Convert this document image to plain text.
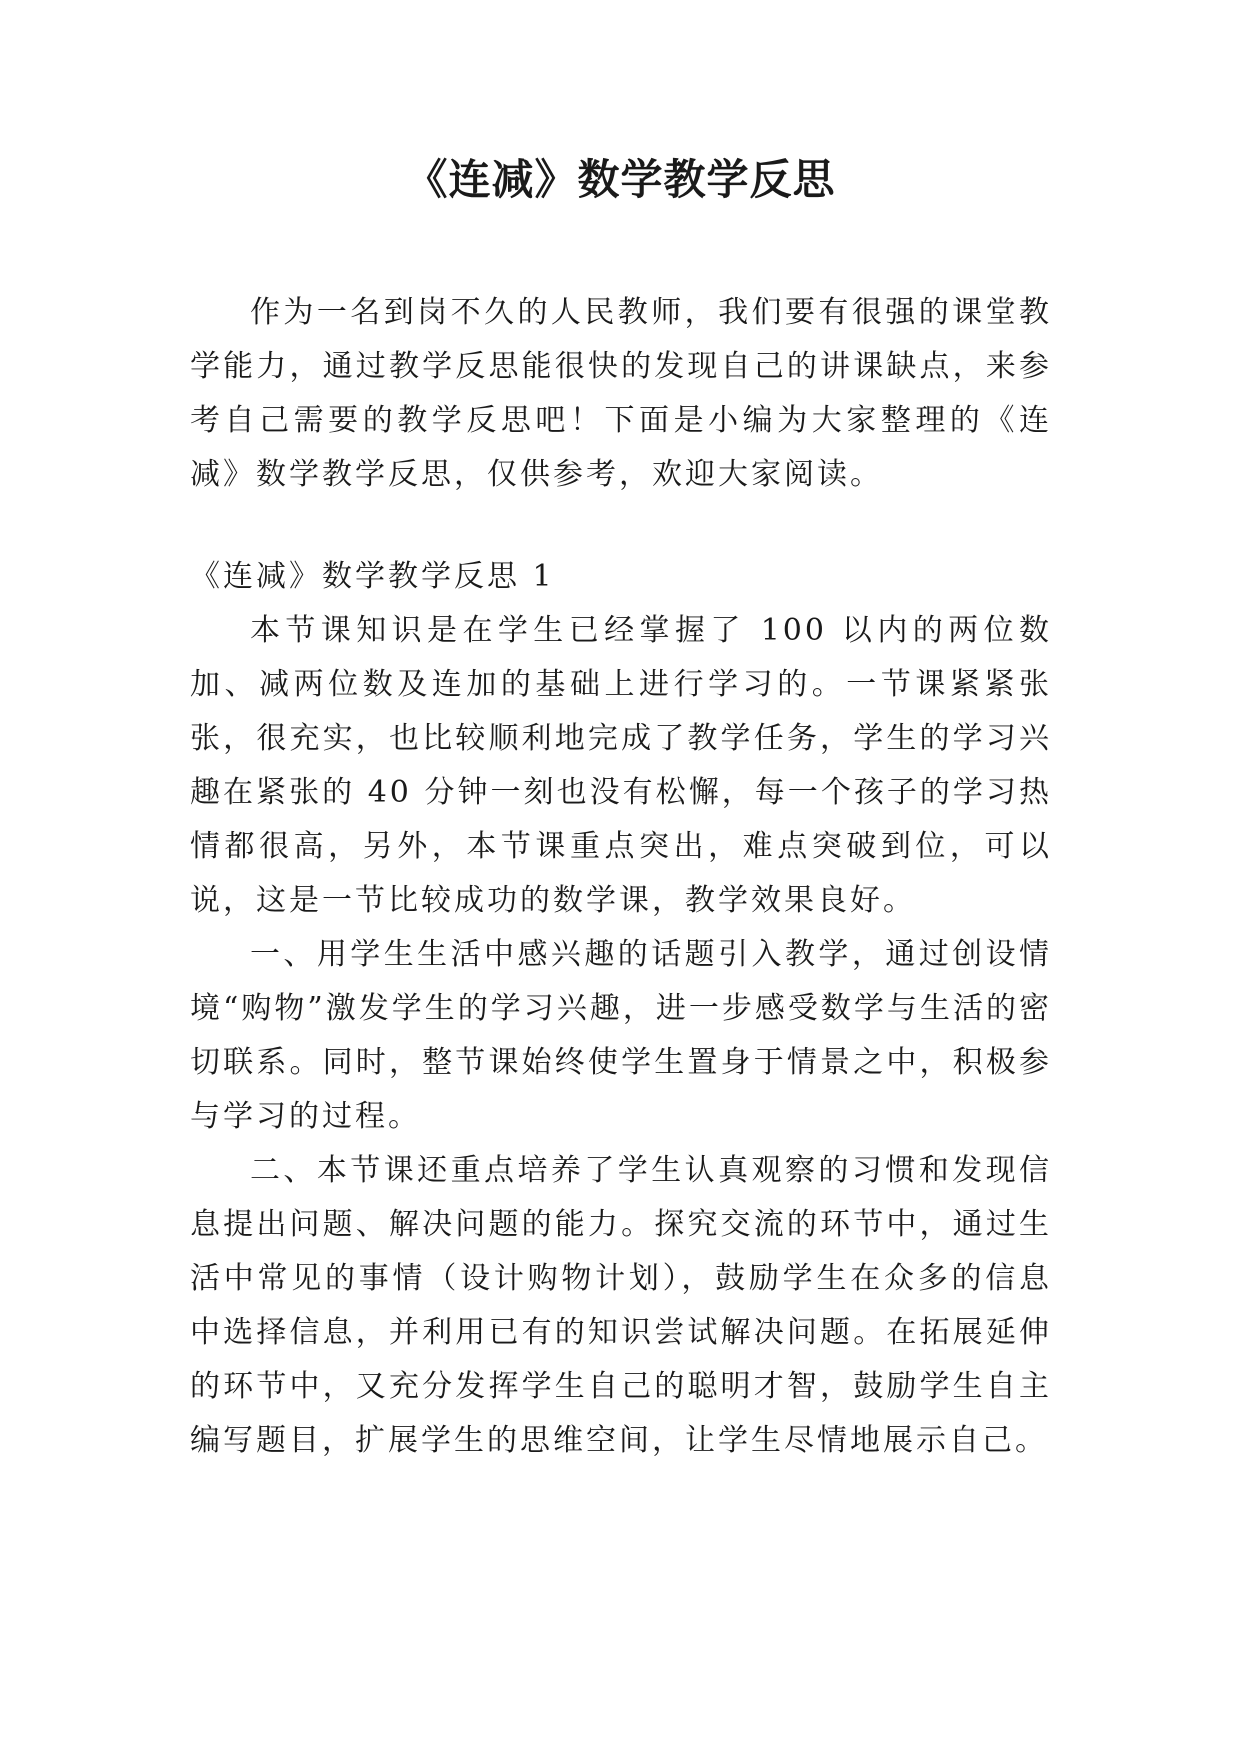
《连减》数学教学反思

作为一名到岗不久的人民教师，我们要有很强的课堂教学能力，通过教学反思能很快的发现自己的讲课缺点，来参考自己需要的教学反思吧！下面是小编为大家整理的《连减》数学教学反思，仅供参考，欢迎大家阅读。

《连减》数学教学反思 1

本节课知识是在学生已经掌握了 100 以内的两位数加、减两位数及连加的基础上进行学习的。一节课紧紧张张，很充实，也比较顺利地完成了教学任务，学生的学习兴趣在紧张的 40 分钟一刻也没有松懈，每一个孩子的学习热情都很高，另外，本节课重点突出，难点突破到位，可以说，这是一节比较成功的数学课，教学效果良好。

一、用学生生活中感兴趣的话题引入教学，通过创设情境“购物”激发学生的学习兴趣，进一步感受数学与生活的密切联系。同时，整节课始终使学生置身于情景之中，积极参与学习的过程。

二、本节课还重点培养了学生认真观察的习惯和发现信息提出问题、解决问题的能力。探究交流的环节中，通过生活中常见的事情（设计购物计划），鼓励学生在众多的信息中选择信息，并利用已有的知识尝试解决问题。在拓展延伸的环节中，又充分发挥学生自己的聪明才智，鼓励学生自主编写题目，扩展学生的思维空间，让学生尽情地展示自己。
